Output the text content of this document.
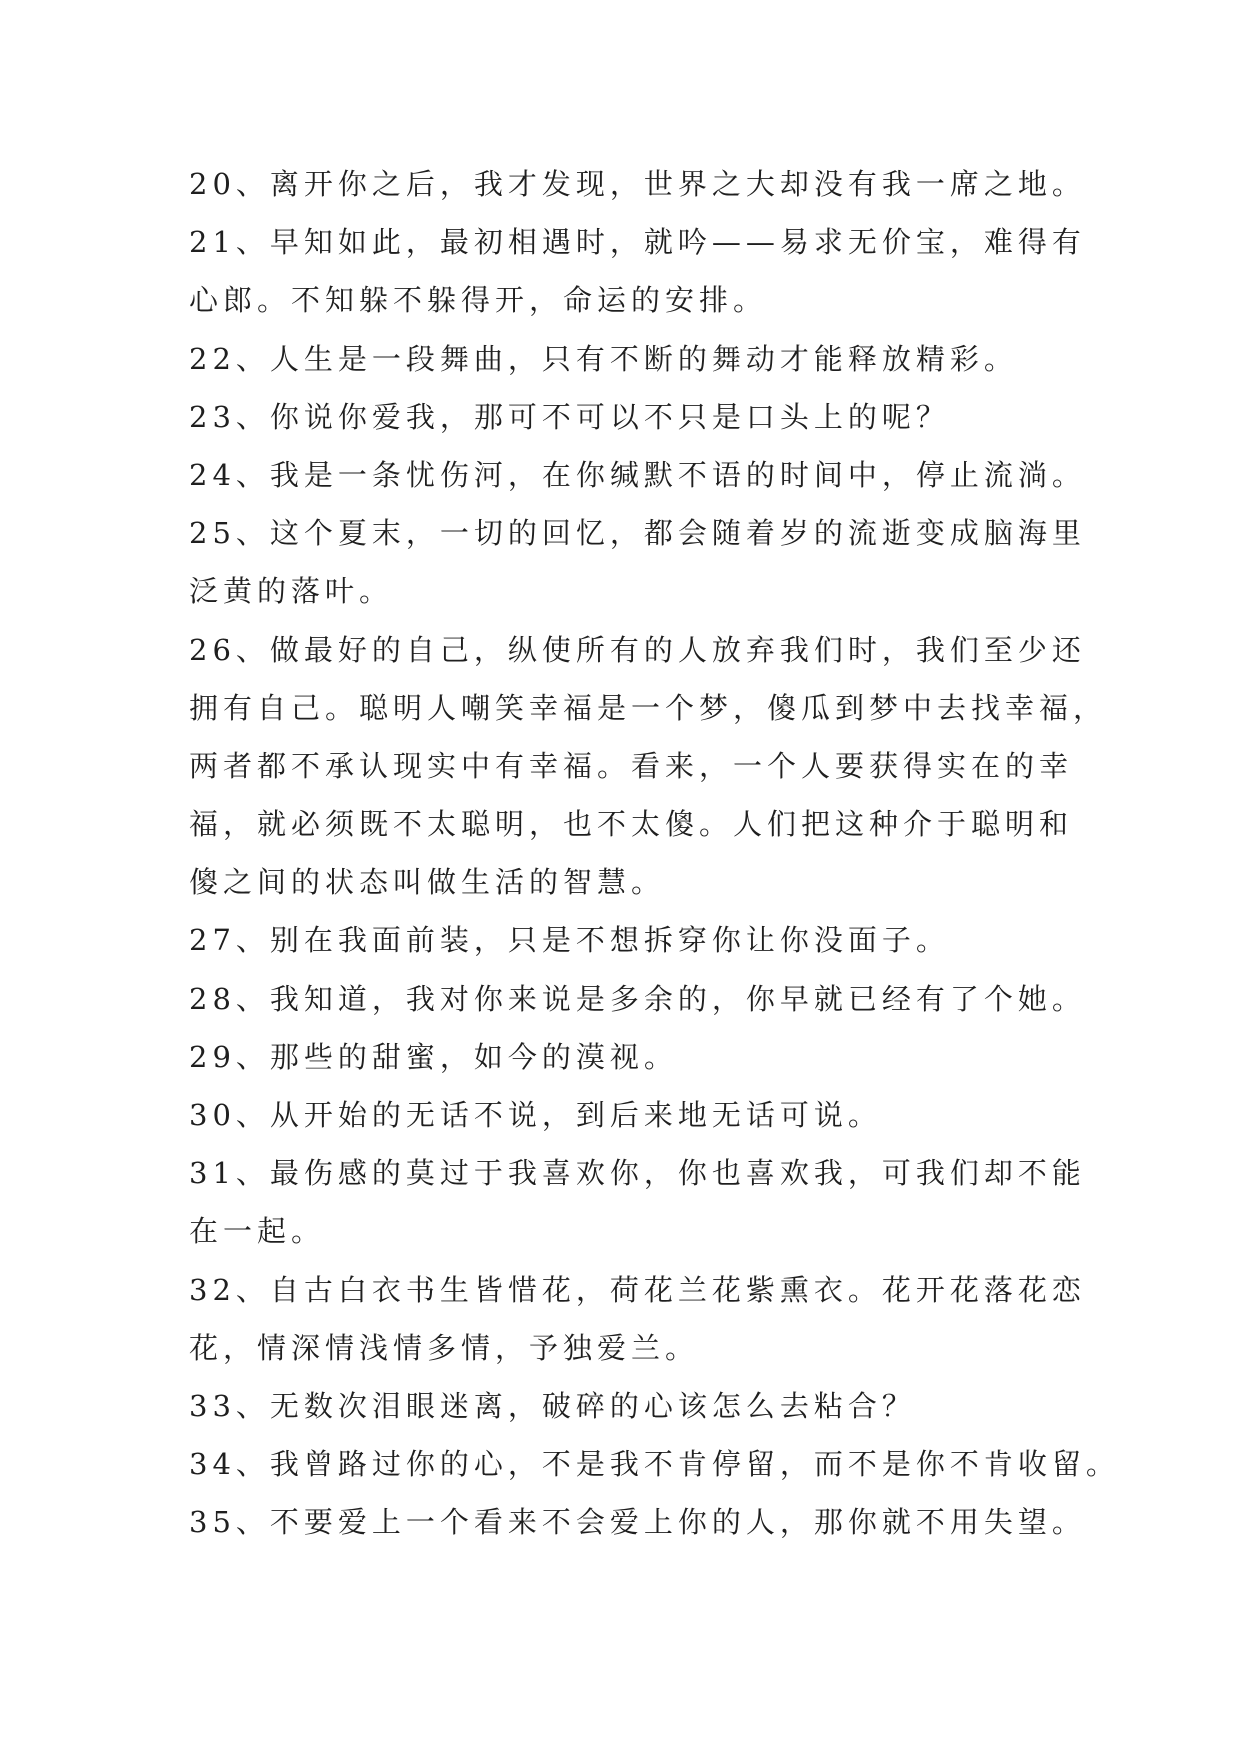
20、离开你之后，我才发现，世界之大却没有我一席之地。
21、早知如此，最初相遇时，就吟——易求无价宝，难得有
心郎。不知躲不躲得开，命运的安排。
22、人生是一段舞曲，只有不断的舞动才能释放精彩。
23、你说你爱我，那可不可以不只是口头上的呢？
24、我是一条忧伤河，在你缄默不语的时间中，停止流淌。
25、这个夏末，一切的回忆，都会随着岁的流逝变成脑海里
泛黄的落叶。
26、做最好的自己，纵使所有的人放弃我们时，我们至少还
拥有自己。聪明人嘲笑幸福是一个梦，傻瓜到梦中去找幸福，
两者都不承认现实中有幸福。看来，一个人要获得实在的幸
福，就必须既不太聪明，也不太傻。人们把这种介于聪明和
傻之间的状态叫做生活的智慧。
27、别在我面前装，只是不想拆穿你让你没面子。
28、我知道，我对你来说是多余的，你早就已经有了个她。
29、那些的甜蜜，如今的漠视。
30、从开始的无话不说，到后来地无话可说。
31、最伤感的莫过于我喜欢你，你也喜欢我，可我们却不能
在一起。
32、自古白衣书生皆惜花，荷花兰花紫熏衣。花开花落花恋
花，情深情浅情多情，予独爱兰。
33、无数次泪眼迷离，破碎的心该怎么去粘合？
34、我曾路过你的心，不是我不肯停留，而不是你不肯收留。
35、不要爱上一个看来不会爱上你的人，那你就不用失望。
